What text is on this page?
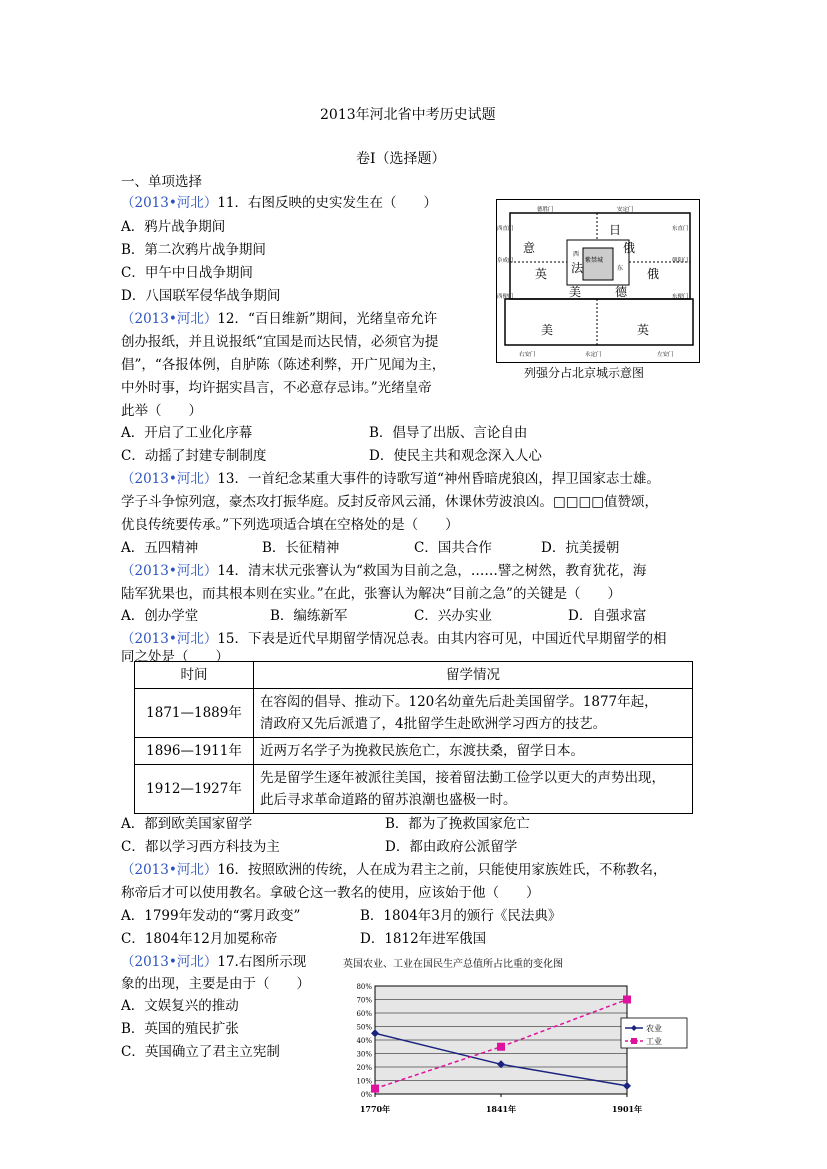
2013年河北省中考历史试题
卷Ⅰ（选择题）
一、单项选择
（2013•河北）11．右图反映的史实发生在（　　）
A．鸦片战争期间
B．第二次鸦片战争期间
C．甲午中日战争期间
D．八国联军侵华战争期间
德胜门	安定门
东直门
西直门
阜成门	朝阳门
西便门	东便门
右安门	永定门	左安门
日
意
英 法	俄
美	德
美	英
俄
紫禁城
东
西
列强分占北京城示意图
（2013•河北）12．“百日维新”期间，光绪皇帝允许
创办报纸，并且说报纸“宜国是而达民情，必须官为提
倡”，“各报体例，自胪陈（陈述利弊，开广见闻为主，
中外时事，均许据实昌言，不必意存忌讳。”光绪皇帝
此举（　　）
A．开启了工业化序幕	B．倡导了出版、言论自由
C．动摇了封建专制制度	D．使民主共和观念深入人心
（2013•河北）13．一首纪念某重大事件的诗歌写道“神州昏暗虎狼凶，捍卫国家志士雄。
学子斗争惊列寇，豪杰攻打振华庭。反封反帝风云涌，休课休劳波浪凶。□□□□值赞颂，
优良传统要传承。”下列选项适合填在空格处的是（　　）
A．五四精神	B．长征精神	C．国共合作	D．抗美援朝
（2013•河北）14．清末状元张謇认为“救国为目前之急，……譬之树然，教育犹花，海
陆军犹果也，而其根本则在实业。”在此，张謇认为解决“目前之急”的关键是（　　）
A．创办学堂	B．编练新军	C．兴办实业	D．自强求富
（2013•河北）15．下表是近代早期留学情况总表。由其内容可见，中国近代早期留学的相
同之处是（　　）
时间	留学情况
1871—1889年	在容闳的倡导、推动下。120名幼童先后赴美国留学。1877年起，
清政府又先后派遣了，4批留学生赴欧洲学习西方的技艺。

1896—1911年	近两万名学子为挽救民族危亡，东渡扶桑，留学日本。

1912—1927年	先是留学生逐年被派往美国，接着留法勤工俭学以更大的声势出现，
此后寻求革命道路的留苏浪潮也盛极一时。
A．都到欧美国家留学	B．都为了挽救国家危亡
C．都以学习西方科技为主	D．都由政府公派留学
（2013•河北）16．按照欧洲的传统，人在成为君主之前，只能使用家族姓氏，不称教名，
称帝后才可以使用教名。拿破仑这一教名的使用，应该始于他（　　）
A．1799年发动的“雾月政变”	B．1804年3月的颁行《民法典》
C．1804年12月加冕称帝	D．1812年进军俄国
（2013•河北）17.右图所示现
象的出现，主要是由于（　　）
A．文娱复兴的推动
B．英国的殖民扩张
C．英国确立了君主立宪制
英国农业、工业在国民生产总值所占比重的变化图
1770年	1841年	1901年
0%
10%
20%
30%
40%
50%
60%
70%
80%
农业
工业
